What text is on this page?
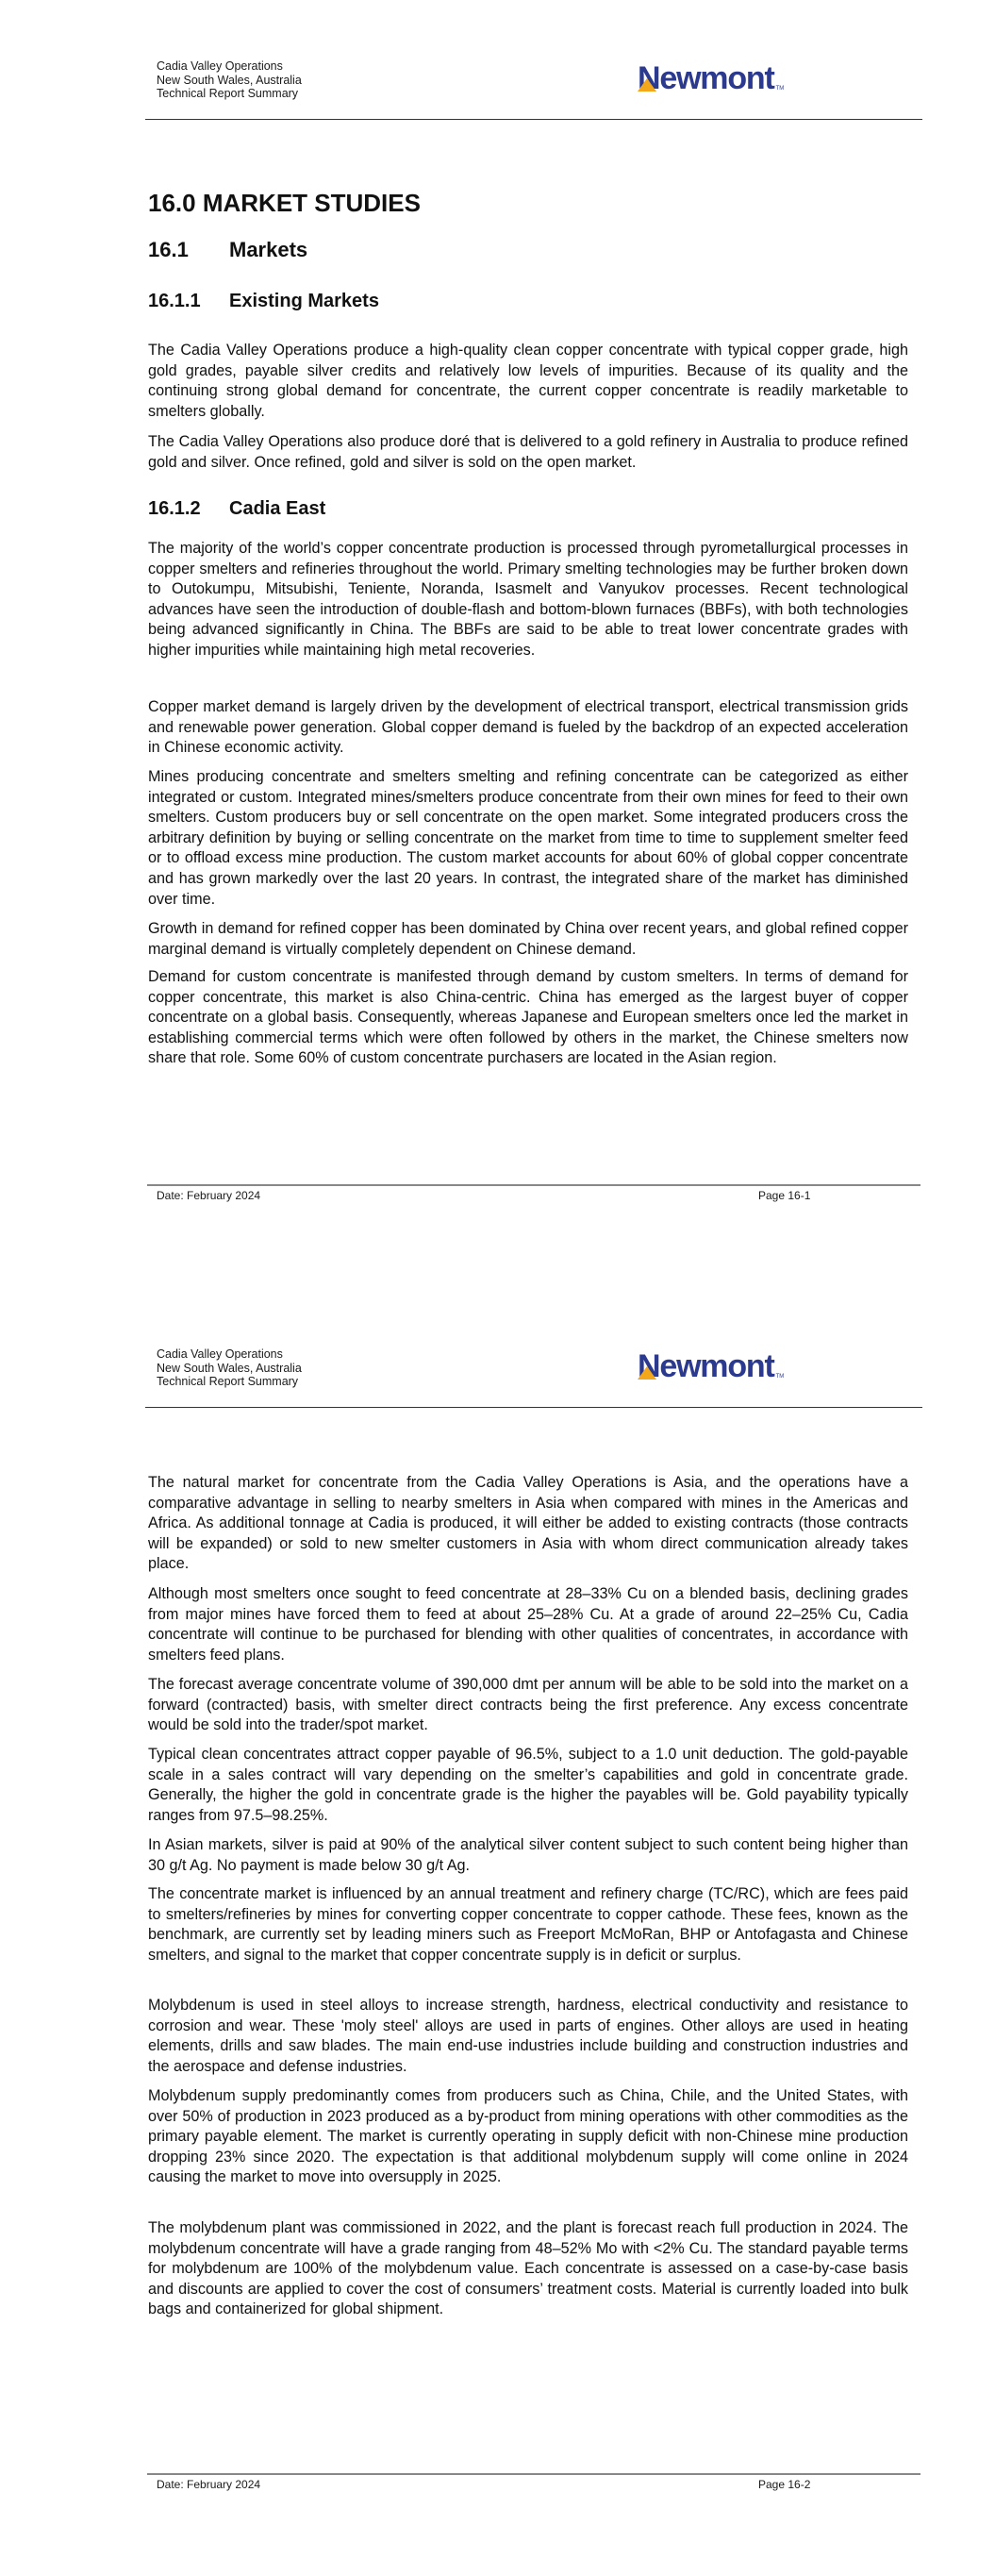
Cadia Valley Operations
New South Wales, Australia
Technical Report Summary	Newmont TM
16.0 MARKET STUDIES
16.1 Markets
16.1.1 Existing Markets

The Cadia Valley Operations produce a high-quality clean copper concentrate with typical copper grade, high gold grades, payable silver credits and relatively low levels of impurities. Because of its quality and the continuing strong global demand for concentrate, the current copper concentrate is readily marketable to smelters globally.

The Cadia Valley Operations also produce doré that is delivered to a gold refinery in Australia to produce refined gold and silver. Once refined, gold and silver is sold on the open market.

16.1.2 Cadia East

The majority of the world’s copper concentrate production is processed through pyrometallurgical processes in copper smelters and refineries throughout the world. Primary smelting technologies may be further broken down to Outokumpu, Mitsubishi, Teniente, Noranda, Isasmelt and Vanyukov processes. Recent technological advances have seen the introduction of double-flash and bottom-blown furnaces (BBFs), with both technologies being advanced significantly in China. The BBFs are said to be able to treat lower concentrate grades with higher impurities while maintaining high metal recoveries.

Copper market demand is largely driven by the development of electrical transport, electrical transmission grids and renewable power generation. Global copper demand is fueled by the backdrop of an expected acceleration in Chinese economic activity.

Mines producing concentrate and smelters smelting and refining concentrate can be categorized as either integrated or custom. Integrated mines/smelters produce concentrate from their own mines for feed to their own smelters. Custom producers buy or sell concentrate on the open market. Some integrated producers cross the arbitrary definition by buying or selling concentrate on the market from time to time to supplement smelter feed or to offload excess mine production. The custom market accounts for about 60% of global copper concentrate and has grown markedly over the last 20 years. In contrast, the integrated share of the market has diminished over time.

Growth in demand for refined copper has been dominated by China over recent years, and global refined copper marginal demand is virtually completely dependent on Chinese demand.

Demand for custom concentrate is manifested through demand by custom smelters. In terms of demand for copper concentrate, this market is also China-centric. China has emerged as the largest buyer of copper concentrate on a global basis. Consequently, whereas Japanese and European smelters once led the market in establishing commercial terms which were often followed by others in the market, the Chinese smelters now share that role. Some 60% of custom concentrate purchasers are located in the Asian region.

Date: February 2024	Page 16-1
Cadia Valley Operations
New South Wales, Australia
Technical Report Summary	Newmont TM

The natural market for concentrate from the Cadia Valley Operations is Asia, and the operations have a comparative advantage in selling to nearby smelters in Asia when compared with mines in the Americas and Africa. As additional tonnage at Cadia is produced, it will either be added to existing contracts (those contracts will be expanded) or sold to new smelter customers in Asia with whom direct communication already takes place.

Although most smelters once sought to feed concentrate at 28–33% Cu on a blended basis, declining grades from major mines have forced them to feed at about 25–28% Cu. At a grade of around 22–25% Cu, Cadia concentrate will continue to be purchased for blending with other qualities of concentrates, in accordance with smelters feed plans.

The forecast average concentrate volume of 390,000 dmt per annum will be able to be sold into the market on a forward (contracted) basis, with smelter direct contracts being the first preference. Any excess concentrate would be sold into the trader/spot market.

Typical clean concentrates attract copper payable of 96.5%, subject to a 1.0 unit deduction. The gold-payable scale in a sales contract will vary depending on the smelter’s capabilities and gold in concentrate grade. Generally, the higher the gold in concentrate grade is the higher the payables will be. Gold payability typically ranges from 97.5–98.25%.

In Asian markets, silver is paid at 90% of the analytical silver content subject to such content being higher than 30 g/t Ag. No payment is made below 30 g/t Ag.

The concentrate market is influenced by an annual treatment and refinery charge (TC/RC), which are fees paid to smelters/refineries by mines for converting copper concentrate to copper cathode. These fees, known as the benchmark, are currently set by leading miners such as Freeport McMoRan, BHP or Antofagasta and Chinese smelters, and signal to the market that copper concentrate supply is in deficit or surplus.

Molybdenum is used in steel alloys to increase strength, hardness, electrical conductivity and resistance to corrosion and wear. These 'moly steel' alloys are used in parts of engines. Other alloys are used in heating elements, drills and saw blades. The main end-use industries include building and construction industries and the aerospace and defense industries.

Molybdenum supply predominantly comes from producers such as China, Chile, and the United States, with over 50% of production in 2023 produced as a by-product from mining operations with other commodities as the primary payable element. The market is currently operating in supply deficit with non-Chinese mine production dropping 23% since 2020. The expectation is that additional molybdenum supply will come online in 2024 causing the market to move into oversupply in 2025.

The molybdenum plant was commissioned in 2022, and the plant is forecast reach full production in 2024. The molybdenum concentrate will have a grade ranging from 48–52% Mo with <2% Cu. The standard payable terms for molybdenum are 100% of the molybdenum value. Each concentrate is assessed on a case-by-case basis and discounts are applied to cover the cost of consumers’ treatment costs. Material is currently loaded into bulk bags and containerized for global shipment.

Date: February 2024	Page 16-2
